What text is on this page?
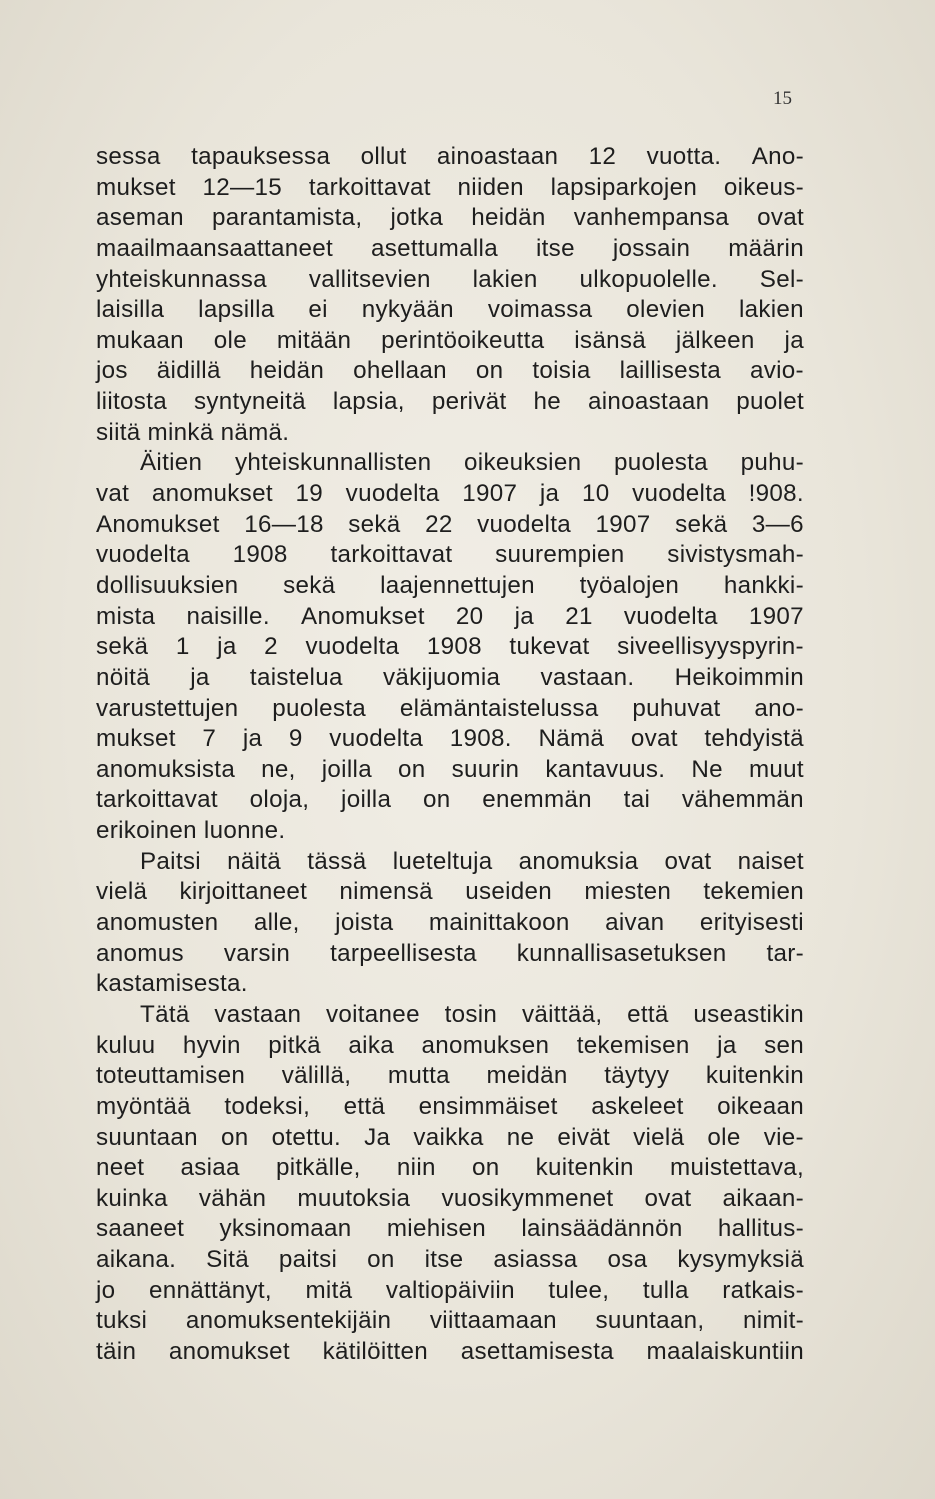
15
sessa tapauksessa ollut ainoastaan 12 vuotta. Ano-
mukset 12—15 tarkoittavat niiden lapsiparkojen oikeus-
aseman parantamista, jotka heidän vanhempansa ovat
maailmaansaattaneet asettumalla itse jossain määrin
yhteiskunnassa vallitsevien lakien ulkopuolelle. Sel-
laisilla lapsilla ei nykyään voimassa olevien lakien
mukaan ole mitään perintöoikeutta isänsä jälkeen ja
jos äidillä heidän ohellaan on toisia laillisesta avio-
liitosta syntyneitä lapsia, perivät he ainoastaan puolet
siitä minkä nämä.
Äitien yhteiskunnallisten oikeuksien puolesta puhu-
vat anomukset 19 vuodelta 1907 ja 10 vuodelta !908.
Anomukset 16—18 sekä 22 vuodelta 1907 sekä 3—6
vuodelta 1908 tarkoittavat suurempien sivistysmah-
dollisuuksien sekä laajennettujen työalojen hankki-
mista naisille. Anomukset 20 ja 21 vuodelta 1907
sekä 1 ja 2 vuodelta 1908 tukevat siveellisyyspyrin-
nöitä ja taistelua väkijuomia vastaan. Heikoimmin
varustettujen puolesta elämäntaistelussa puhuvat ano-
mukset 7 ja 9 vuodelta 1908. Nämä ovat tehdyistä
anomuksista ne, joilla on suurin kantavuus. Ne muut
tarkoittavat oloja, joilla on enemmän tai vähemmän
erikoinen luonne.
Paitsi näitä tässä lueteltuja anomuksia ovat naiset
vielä kirjoittaneet nimensä useiden miesten tekemien
anomusten alle, joista mainittakoon aivan erityisesti
anomus varsin tarpeellisesta kunnallisasetuksen tar-
kastamisesta.
Tätä vastaan voitanee tosin väittää, että useastikin
kuluu hyvin pitkä aika anomuksen tekemisen ja sen
toteuttamisen välillä, mutta meidän täytyy kuitenkin
myöntää todeksi, että ensimmäiset askeleet oikeaan
suuntaan on otettu. Ja vaikka ne eivät vielä ole vie-
neet asiaa pitkälle, niin on kuitenkin muistettava,
kuinka vähän muutoksia vuosikymmenet ovat aikaan-
saaneet yksinomaan miehisen lainsäädännön hallitus-
aikana. Sitä paitsi on itse asiassa osa kysymyksiä
jo ennättänyt, mitä valtiopäiviin tulee, tulla ratkais-
tuksi anomuksentekijäin viittaamaan suuntaan, nimit-
täin anomukset kätilöitten asettamisesta maalaiskuntiin
